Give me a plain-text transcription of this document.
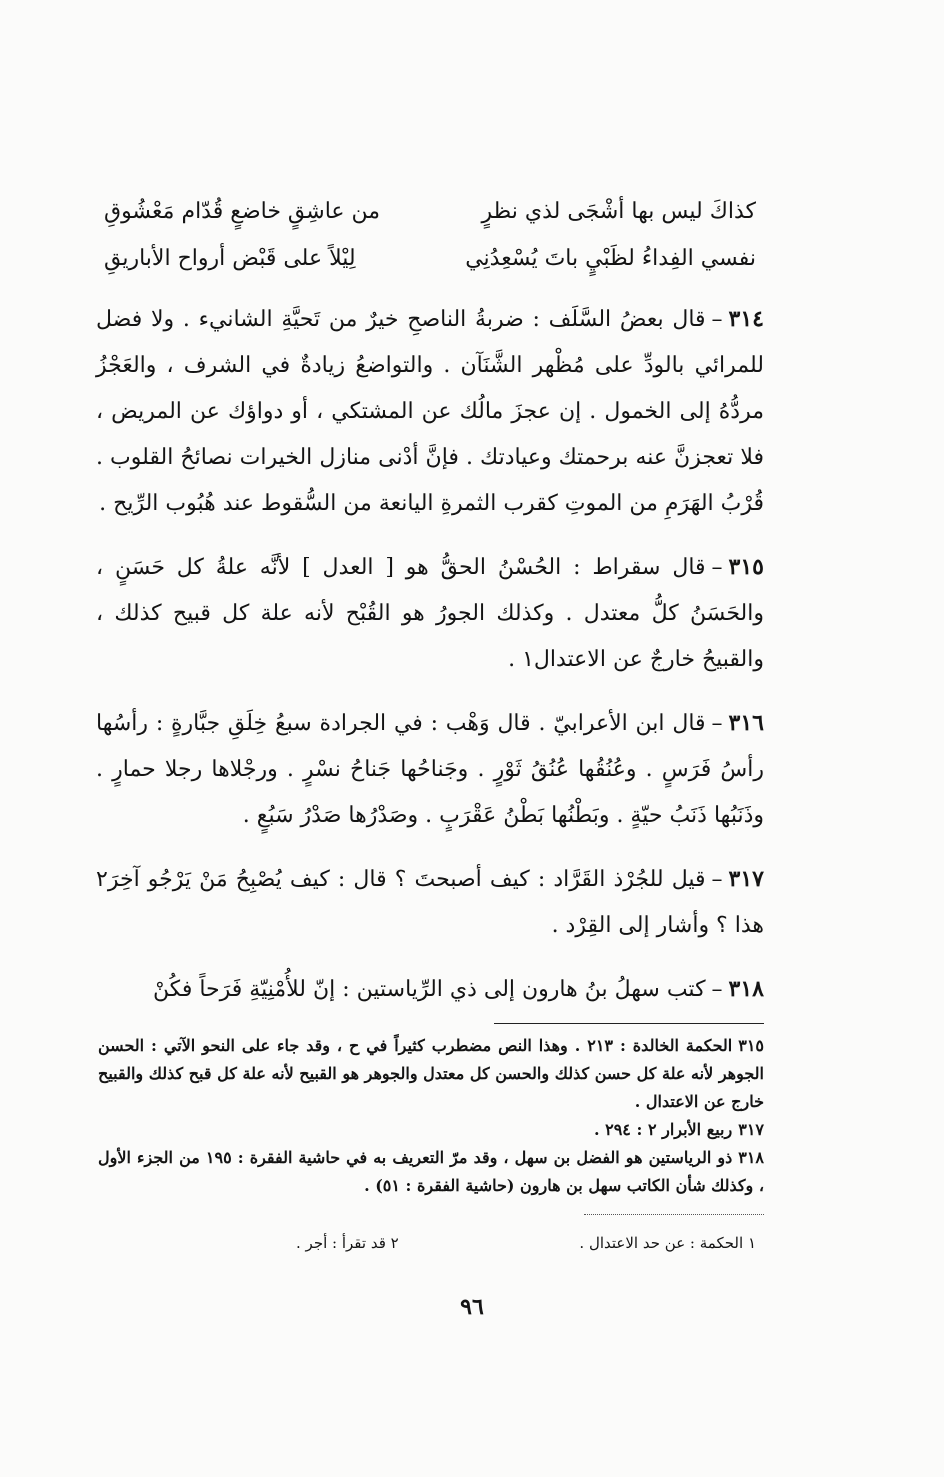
كذاكَ ليس بها أشْجَى لذي نظرٍ
من عاشِقٍ خاضعٍ قُدّام مَعْشُوقِ
نفسي الفِداءُ لظَبْيٍ باتَ يُسْعِدُنِي
لِيْلاً على قَبْض أرواح الأباريقِ

٣١٤–قال بعضُ السَّلَف : ضربةُ الناصحِ خيرٌ من تَحيَّةِ الشانيء . ولا فضل للمرائي بالودِّ على مُظْهر الشَّنَآن . والتواضعُ زيادةٌ في الشرف ، والعَجْزُ مردُّهُ إلى الخمول . إن عجزَ مالُك عن المشتكي ، أو دواؤك عن المريض ، فلا تعجزنَّ عنه برحمتك وعيادتك . فإنَّ أدْنى منازل الخيرات نصائحُ القلوب . قُرْبُ الهَرَمِ من الموتِ كقرب الثمرةِ اليانعة من السُّقوط عند هُبُوب الرِّيح .

٣١٥–قال سقراط : الحُسْنُ الحقُّ هو [ العدل ] لأنَّه علةُ كل حَسَنٍ ، والحَسَنُ كلُّ معتدل . وكذلك الجورُ هو القُبْح لأنه علة كل قبيح كذلك ، والقبيحُ خارجٌ عن الاعتدال١ .

٣١٦–قال ابن الأعرابيّ . قال وَهْب : في الجرادة سبعُ خِلَقِ جبَّارةٍ : رأسُها رأسُ فَرَسٍ . وعُنُقُها عُنُقُ ثَوْرٍ . وجَناحُها جَناحُ نسْرٍ . ورجْلاها رجلا حمارٍ . وذَنَبُها ذَنَبُ حيّةٍ . وبَطْنُها بَطْنُ عَقْرَبٍ . وصَدْرُها صَدْرُ سَبُعٍ .

٣١٧–قيل للجُرْذ القَرَّاد : كيف أصبحتَ ؟ قال : كيف يُصْبِحُ مَنْ يَرْجُو آخِرَ٢ هذا ؟ وأشار إلى القِرْد .

٣١٨–كتب سهلُ بنُ هارون إلى ذي الرِّياستين : إنّ للأُمْنِيّةِ فَرَحاً فكُنْ

٣١٥الحكمة الخالدة : ٢١٣ . وهذا النص مضطرب كثيراً في ح ، وقد جاء على النحو الآتي : الحسن الجوهر لأنه علة كل حسن كذلك والحسن كل معتدل والجوهر هو القبيح لأنه علة كل قبح كذلك والقبيح خارج عن الاعتدال .

٣١٧ربيع الأبرار ٢ : ٢٩٤ .

٣١٨ذو الرياستين هو الفضل بن سهل ، وقد مرّ التعريف به في حاشية الفقرة : ١٩٥ من الجزء الأول ، وكذلك شأن الكاتب سهل بن هارون (حاشية الفقرة : ٥١) .

١ الحكمة : عن حد الاعتدال .
٢ قد تقرأ : أجر .
٩٦
